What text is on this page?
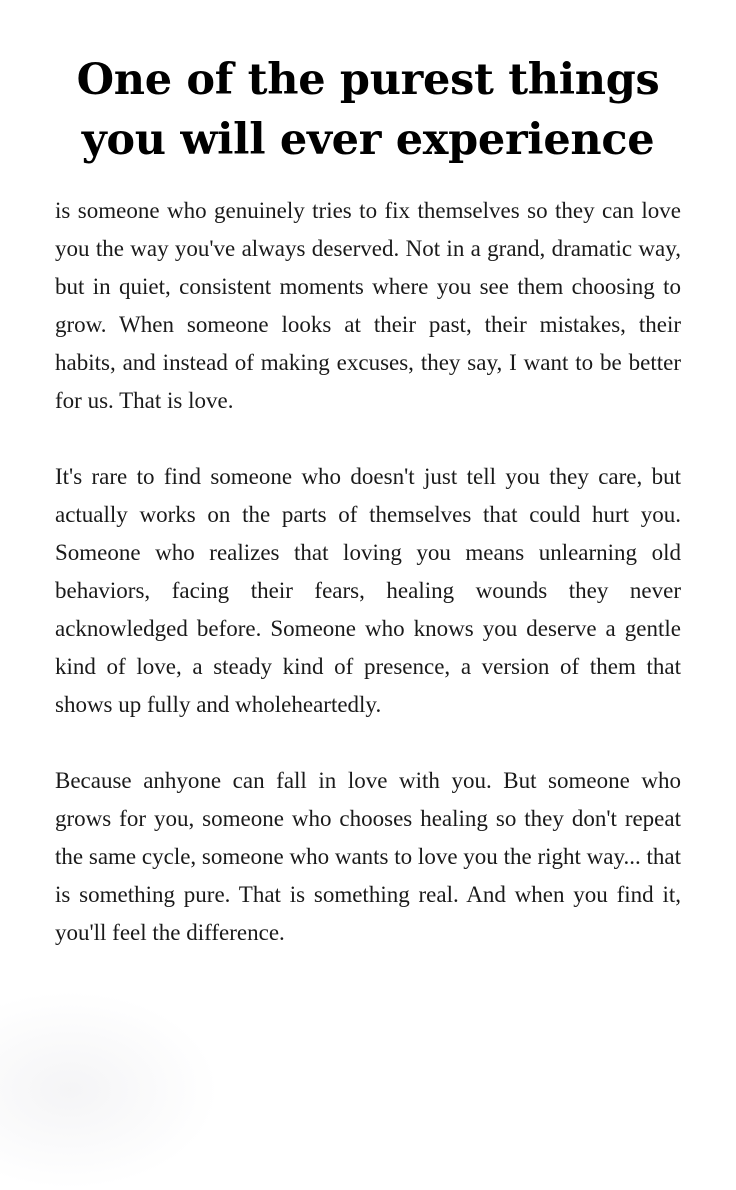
One of the purest things
you will ever experience

is someone who genuinely tries to fix themselves so they can love you the way you've always deserved. Not in a grand, dramatic way, but in quiet, consistent moments where you see them choosing to grow. When someone looks at their past, their mistakes, their habits, and instead of making excuses, they say, I want to be better for us. That is love.

It's rare to find someone who doesn't just tell you they care, but actually works on the parts of themselves that could hurt you. Someone who realizes that loving you means unlearning old behaviors, facing their fears, healing wounds they never acknowledged before. Someone who knows you deserve a gentle kind of love, a steady kind of presence, a version of them that shows up fully and wholeheartedly.

Because anhyone can fall in love with you. But someone who grows for you, someone who chooses healing so they don't repeat the same cycle, someone who wants to love you the right way... that is something pure. That is something real. And when you find it, you'll feel the difference.
